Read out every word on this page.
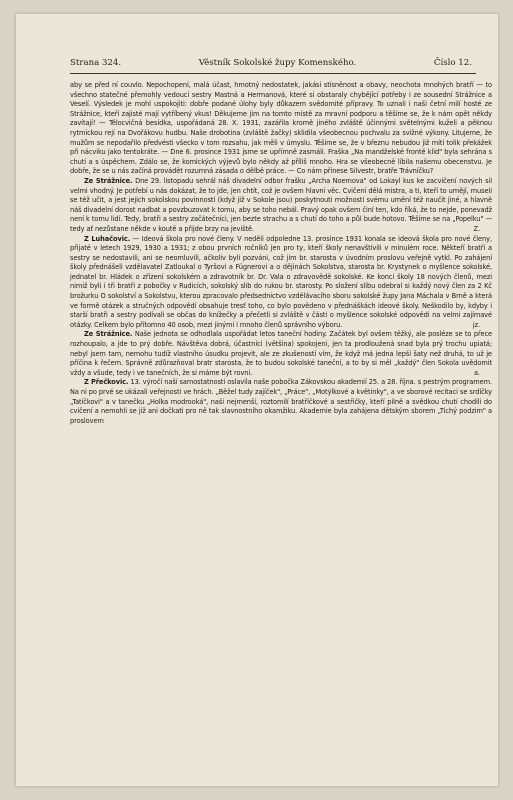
Strana 324.	Věstník Sokolské župy Komenského.	Číslo 12.

aby se před ní couvlo. Nepochopení, malá účast, hmotný nedostatek, jakási stísněnost a obavy, neochota mnohých bratří — to všechno statečné přemohly vedoucí sestry Mastná a Hermanová, které si obstaraly chybějící potřeby i ze sousední Strážnice a Veselí. Výsledek je mohl uspokojiti: dobře podané úlohy byly důkazem svědomité přípravy. To uznali i naši četní milí hosté ze Strážnice, kteří zajisté mají vytříbený vkus! Děkujeme jim na tomto místě za mravní podporu a těšíme se, že k nám opět někdy zavítají! — Tělocvičná besídka, uspořádaná 28. X. 1931, zazářila kromě jiného zvláště účinnými světelnými kuželi a pěknou rytmickou rejí na Dvořákovu hudbu. Naše drobotina (zvláště žačky) sklidila všeobecnou pochvalu za svižné výkony. Litujeme, že mužům se nepodařilo předvésti všecko v tom rozsahu, jak měli v úmyslu. Těšíme se, že v březnu nebudou již mítí tolik překážek při nácviku jako tentokráte. — Dne 6. prosince 1931 jsme se upřímně zasmáli. Fraška „Na mandželské frontě klid" byla sehrána s chutí a s úspěchem. Zdálo se, že komických výjevů bylo někdy až příliš mnoho. Hra se všeobecně líbila našemu obecenstvu. Je dobře, že se u nás začíná provádět rozumná zásada o dělbě práce. — Co nám přinese Silvestr, bratře Trávníčku?

Ze Strážnice. Dne 29. listopadu sehrál náš divadelní odbor frašku „Archa Noemova" od Lokayl kus ke zacvičení nových sil velmi vhodný. Je potřebí u nás dokázat, že to jde, jen chtít, což je ovšem hlavní věc. Cvičení dělá mistra, a ti, kteří to umějí, museli se též učit, a jest jejich sokolskou povinností (když již v Sokole jsou) poskytnouti možnosti svému umění též naučit jiné, a hlavně náš divadelní dorost nadbat a povzbuzovat k tomu, aby se toho nebál. Pravý opak ovšem činí ten, kdo říká, že to nejde, ponevadž není k tomu lidí. Tedy, bratři a sestry začátečníci, jen bezte strachu a s chutí do toho a půl bude hotovo. Těšíme se na „Popelku" — tedy ať nezůstane někde v koutě a přijde brzy na jeviště.	Z.

Z Luhačovic. — Ideová škola pro nové členy. V neděli odpoledne 13. prosince 1931 konala se ideová škola pro nové členy, přijaté v letech 1929, 1930 a 1931; z obou prvních ročníků jen pro ty, kteří školy nenavštívili v minulém roce. Někteří bratři a sestry se nedostavili, ani se neomluvili, ačkoliv byli pozváni, což jim br. starosta v úvodním proslovu veřejně vytkl. Po zahájení školy přednášeli vzdělavatel Zatloukal o Tyršovi a Fügnerovi a o dějinách Sokolstva, starosta br. Krystynek o myšlence sokolské, jednatel br. Hládek o zřízení sokolském a zdravotník br. Dr. Vala o zdravovědě sokolské. Ke konci školy 18 nových členů, mezi nimiž byli i tři bratři z pobočky v Rudicích, sokolský slib do rukou br. starosty. Po složení slibu odebral si každý nový člen za 2 Kč brožurku O sokolství a Sokolstvu, kterou zpracovalo předsednictvo vzdělávacího sboru sokolské župy Jana Máchala v Brně a která ve formě otázek a stručných odpovědí obsahuje tresť toho, co bylo povědeno v přednáškách ideové školy. Neškodilo by, kdyby i starší bratři a sestry podívali se občas do knížečky a přečetli si zvláště v části o myšlence sokolské odpovědi na velmi zajímavé otázky. Celkem bylo přítomno 40 osob, mezi jinými i mnoho členů správního výboru.	jz.

Ze Strážnice. Naše jednota se odhodlala uspořádat letos taneční hodiny. Začátek byl ovšem těžký, ale posléze se to přece rozhoupalo, a jde to prý dobře. Návštěva dobrá, účastníci (většina) spokojeni, jen ta prodloužená snad byla prý trochu upiatá; nebyl jsem tam, nemohu tudíž vlastního úsudku projevit, ale ze zkušeností vím, že když má jedna lepší šaty než druhá, to už je příčina k řečem. Správně zdůrazňoval bratr starosta, že to budou sokolské taneční, a to by si měl „každý" člen Sokola uvědomit vždy a všude, tedy i ve tanečních, že si máme být rovni.	a.

Z Přečkovic. 13. výročí naší samostatnosti oslavila naše pobočka Zákovskou akademií 25. a 28. října. s pestrým programem. Na ni po prvé se ukázali veřejnosti ve hrách. „Běžel tudy zajíček", „Práce", „Motýlkové a květinky", a ve sborové recitaci se srdíčky „Tatíčkovi" a v tanečku „Holka modrooká", naši nejmenší, roztomilí bratříčkové a sestřičky, kteří pilně a svědkou chutí chodili do cvičení a nemohli se již ani dočkati pro ně tak slavnostního okamžiku. Akademie byla zahájena dětským sborem „Tichý podzim" a proslovem
